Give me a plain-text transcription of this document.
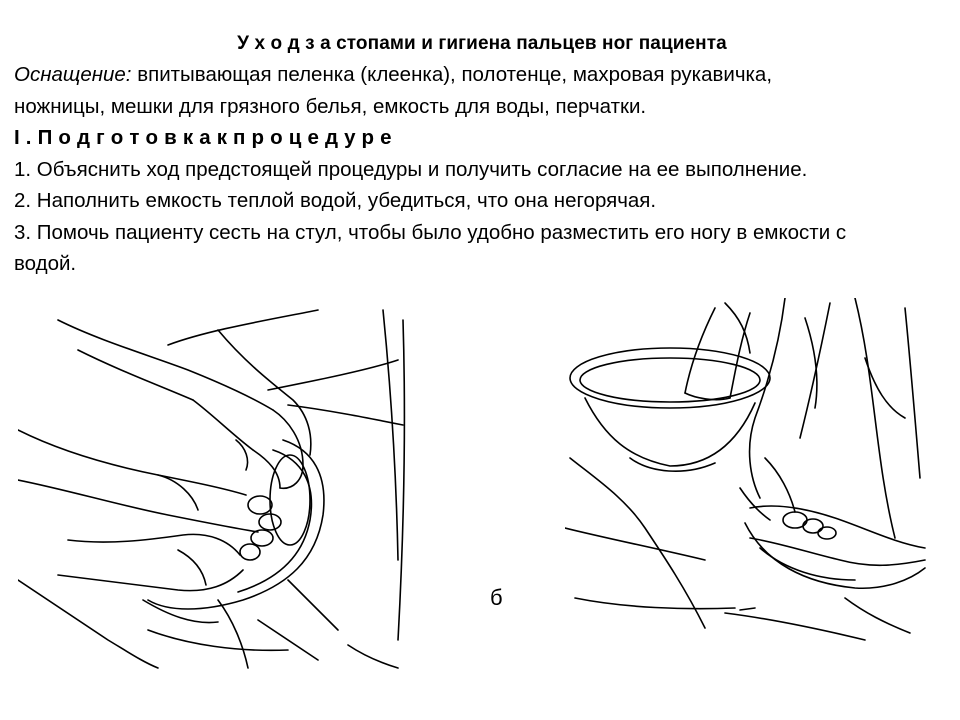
У х о д з а стопами и гигиена пальцев ног пациента
Оснащение: впитывающая пеленка (клеенка), полотенце, махровая рукавичка,
ножницы, мешки для грязного белья, емкость для воды, перчатки.
I . П о д г о т о в к а к п р о ц е д у р е
1. Объяснить ход предстоящей процедуры и получить согласие на ее выполнение.
2. Наполнить емкость теплой водой, убедиться, что она негорячая.
3. Помочь пациенту сесть на стул, чтобы было удобно разместить его ногу в емкости с водой.
б
